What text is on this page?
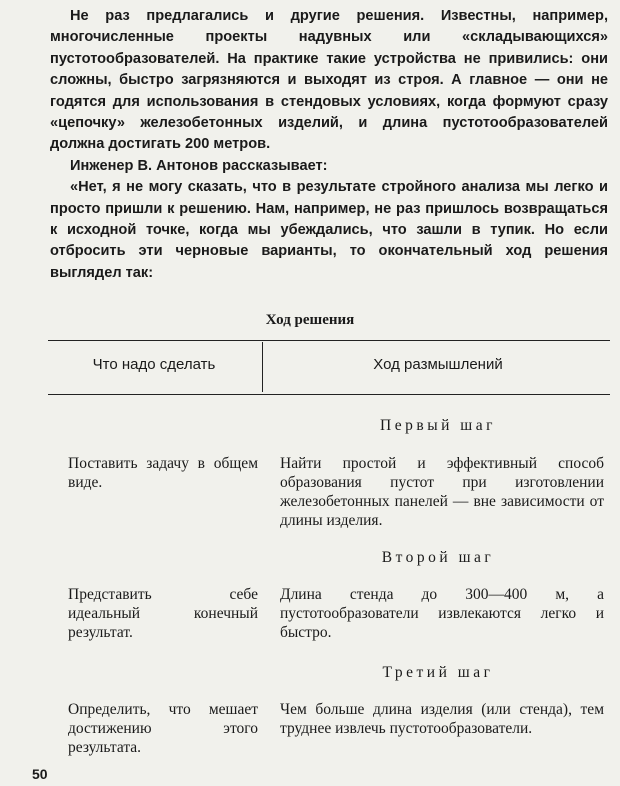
Не раз предлагались и другие решения. Известны, например, многочисленные проекты надувных или «складывающихся» пустотообразователей. На практике такие устройства не привились: они сложны, быстро загрязняются и выходят из строя. А главное — они не годятся для использования в стендовых условиях, когда формуют сразу «цепочку» железобетонных изделий, и длина пустотообразователей должна достигать 200 метров.

Инженер В. Антонов рассказывает:

«Нет, я не могу сказать, что в результате стройного анализа мы легко и просто пришли к решению. Нам, например, не раз пришлось возвращаться к исходной точке, когда мы убеждались, что зашли в тупик. Но если отбросить эти черновые варианты, то окончательный ход решения выглядел так:

Ход решения
Что надо сделать	Ход размышлений
Первый шаг
Поставить задачу в общем виде.
Найти простой и эффективный способ образования пустот при изготовлении железобетонных панелей — вне зависимости от длины изделия.
Второй шаг
Представить себе идеальный конечный результат.
Длина стенда до 300—400 м, а пустотообразователи извлекаются легко и быстро.
Третий шаг
Определить, что мешает достижению этого результата.
Чем больше длина изделия (или стенда), тем труднее извлечь пустотообразователи.
50
